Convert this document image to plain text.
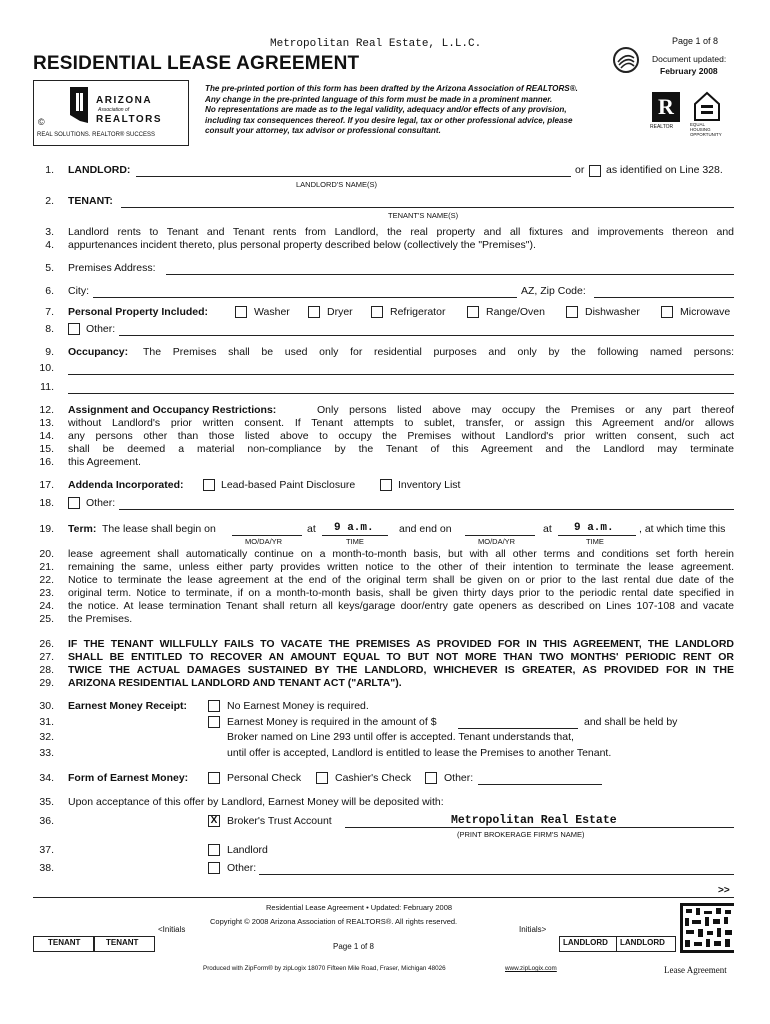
Metropolitan Real Estate, L.L.C.	Page 1 of 8
RESIDENTIAL LEASE AGREEMENT	Document updated:
February 2008
ARIZONA
Association of
REALTORS
©
REAL SOLUTIONS. REALTOR® SUCCESS
The pre-printed portion of this form has been drafted by the Arizona Association of REALTORS®.
Any change in the pre-printed language of this form must be made in a prominent manner.
No representations are made as to the legal validity, adequacy and/or effects of any provision,
including tax consequences thereof. If you desire legal, tax or other professional advice, please
consult your attorney, tax advisor or professional consultant.
R
REALTOR	EQUAL HOUSING OPPORTUNITY
1. LANDLORD:	or as identified on Line 328.
LANDLORD'S NAME(S)
2. TENANT:
TENANT'S NAME(S)
3. Landlord rents to Tenant and Tenant rents from Landlord, the real property and all fixtures and improvements thereon and
4. appurtenances incident thereto, plus personal property described below (collectively the "Premises").
5. Premises Address:
6. City:	AZ, Zip Code:
7. Personal Property Included:	Washer	Dryer	Refrigerator	Range/Oven	Dishwasher	Microwave
8.	Other:
9. Occupancy: The Premises shall be used only for residential purposes and only by the following named persons:
10.
11.
12. Assignment and Occupancy Restrictions:	Only persons listed above may occupy the Premises or any part thereof
13. without Landlord's prior written consent. If Tenant attempts to sublet, transfer, or assign this Agreement and/or allows
14. any persons other than those listed above to occupy the Premises without Landlord's prior written consent, such act
15. shall be deemed a material non-compliance by the Tenant of this Agreement and the Landlord may terminate
16. this Agreement.
17. Addenda Incorporated:	Lead-based Paint Disclosure	Inventory List
18.	Other:
19. Term: The lease shall begin on
MO/DA/YR
at 9 a.m.
TIME
and end on
MO/DA/YR
at 9 a.m.
TIME
, at which time this
20. lease agreement shall automatically continue on a month-to-month basis, but with all other terms and conditions set forth herein
21. remaining the same, unless either party provides written notice to the other of their intention to terminate the lease agreement.
22. Notice to terminate the lease agreement at the end of the original term shall be given on or prior to the last rental due date of the
23. original term. Notice to terminate, if on a month-to-month basis, shall be given thirty days prior to the periodic rental date specified in
24. the notice. At lease termination Tenant shall return all keys/garage door/entry gate openers as described on Lines 107-108 and vacate
25. the Premises.
26. IF THE TENANT WILLFULLY FAILS TO VACATE THE PREMISES AS PROVIDED FOR IN THIS AGREEMENT, THE LANDLORD
27. SHALL BE ENTITLED TO RECOVER AN AMOUNT EQUAL TO BUT NOT MORE THAN TWO MONTHS' PERIODIC RENT OR
28. TWICE THE ACTUAL DAMAGES SUSTAINED BY THE LANDLORD, WHICHEVER IS GREATER, AS PROVIDED FOR IN THE
29. ARIZONA RESIDENTIAL LANDLORD AND TENANT ACT ("ARLTA").
30. Earnest Money Receipt:	No Earnest Money is required.
31.	Earnest Money is required in the amount of $	and shall be held by
32.	Broker named on Line 293 until offer is accepted. Tenant understands that,
33.	until offer is accepted, Landlord is entitled to lease the Premises to another Tenant.
34. Form of Earnest Money:	Personal Check	Cashier's Check	Other:
35. Upon acceptance of this offer by Landlord, Earnest Money will be deposited with:
36.	X Broker's Trust Account	Metropolitan Real Estate
(PRINT BROKERAGE FIRM'S NAME)
37.	Landlord
38.	Other:
>>
Residential Lease Agreement • Updated: February 2008
Copyright © 2008 Arizona Association of REALTORS®. All rights reserved.
<Initials
TENANT	TENANT
Initials>
LANDLORD LANDLORD
Page 1 of 8
Produced with ZipForm® by zipLogix 18070 Fifteen Mile Road, Fraser, Michigan 48026	www.zipLogix.com	Lease Agreement
